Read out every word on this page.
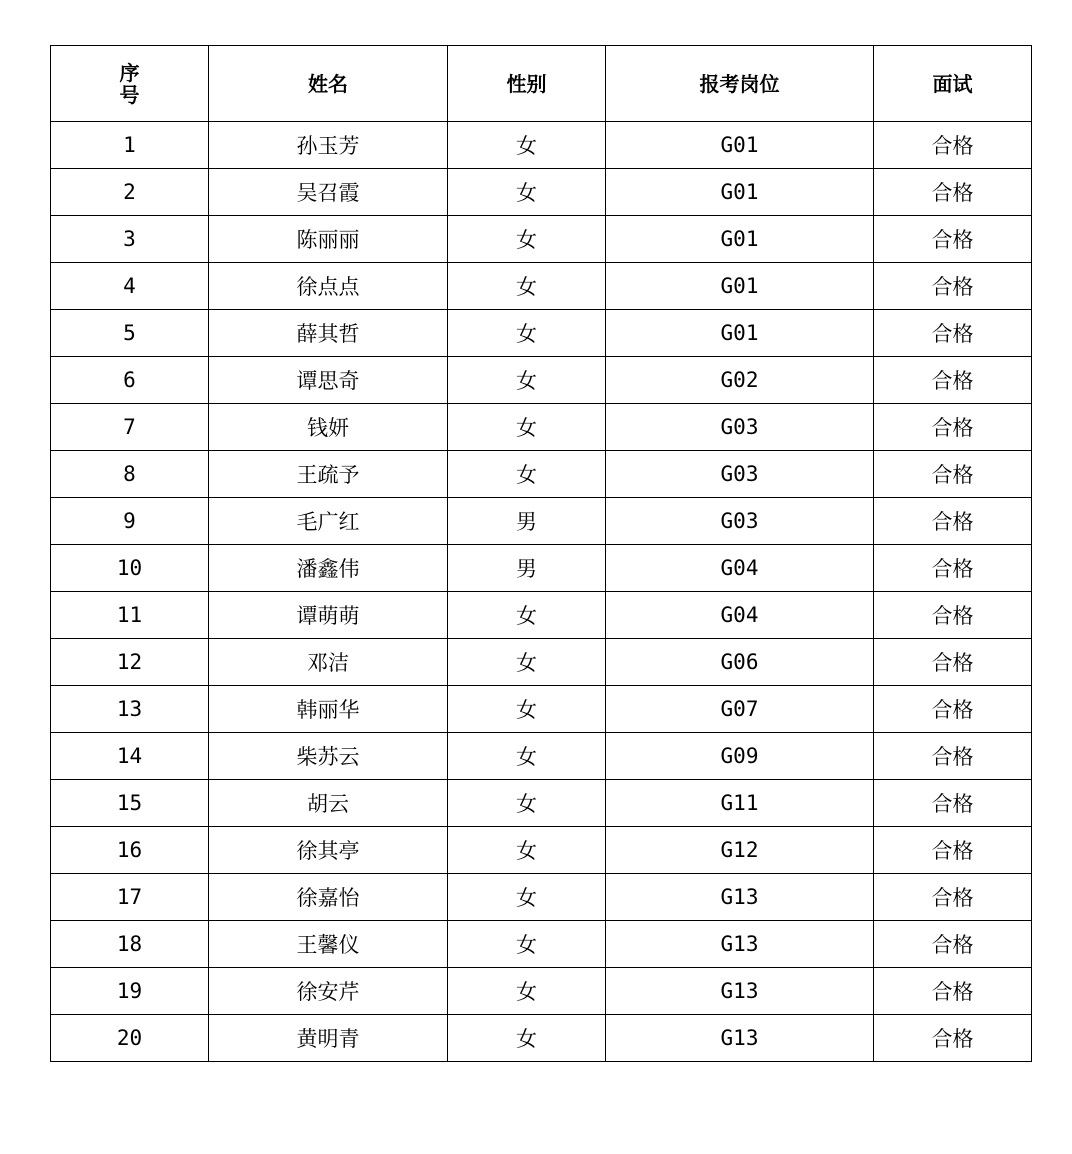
序
号	姓名	性别	报考岗位	面试
1	孙玉芳	女	G01	合格
2	吴召霞	女	G01	合格
3	陈丽丽	女	G01	合格
4	徐点点	女	G01	合格
5	薛其哲	女	G01	合格
6	谭思奇	女	G02	合格
7	钱妍	女	G03	合格
8	王疏予	女	G03	合格
9	毛广红	男	G03	合格
10	潘鑫伟	男	G04	合格
11	谭萌萌	女	G04	合格
12	邓洁	女	G06	合格
13	韩丽华	女	G07	合格
14	柴苏云	女	G09	合格
15	胡云	女	G11	合格
16	徐其亭	女	G12	合格
17	徐嘉怡	女	G13	合格
18	王馨仪	女	G13	合格
19	徐安芹	女	G13	合格
20	黄明青	女	G13	合格
